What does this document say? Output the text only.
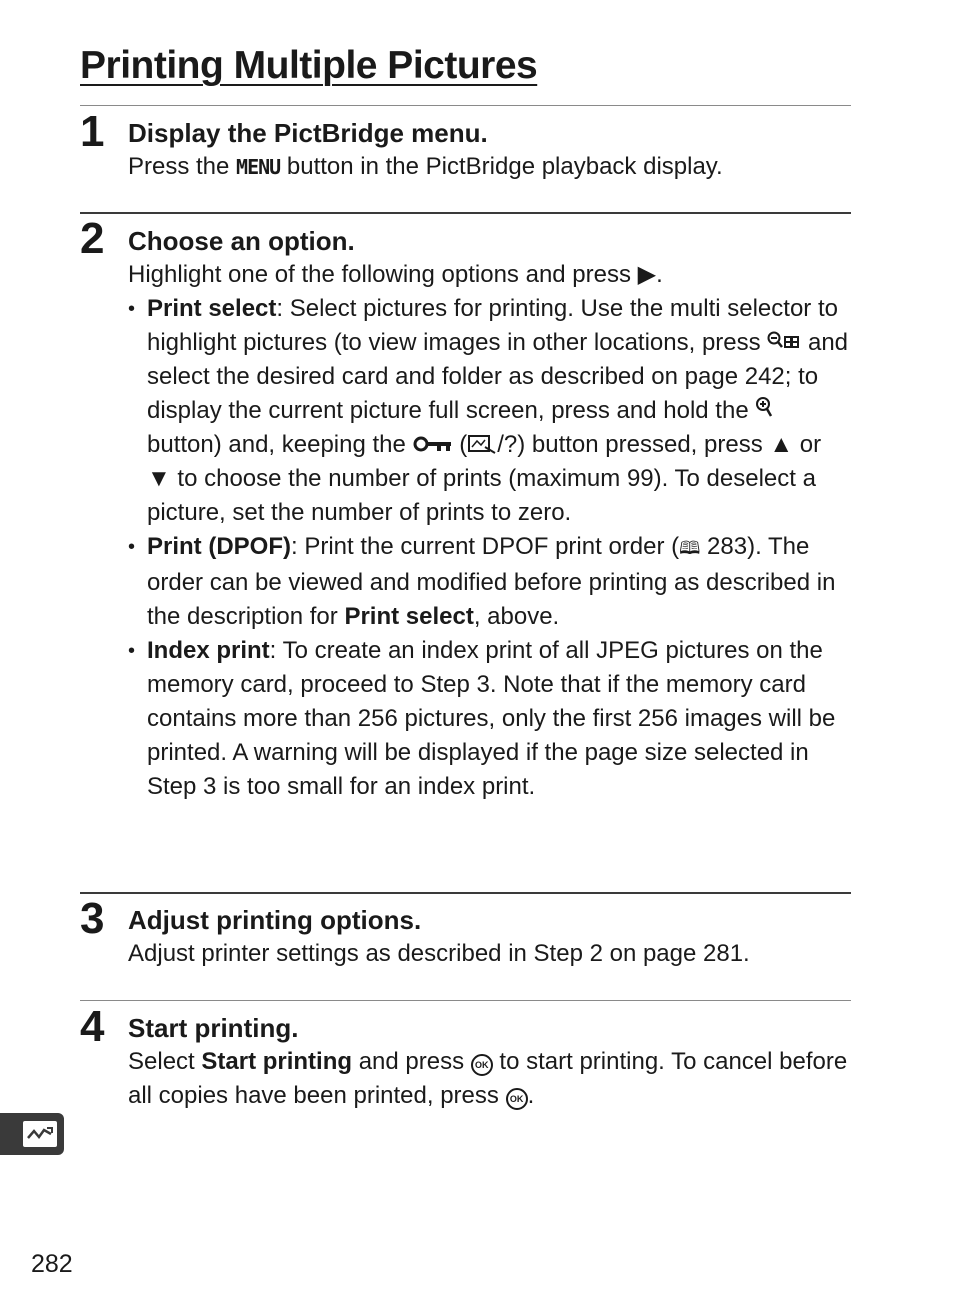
Printing Multiple Pictures
1 Display the PictBridge menu.
Press the MENU button in the PictBridge playback display.
2 Choose an option.
Highlight one of the following options and press ▶.
• Print select: Select pictures for printing. Use the multi selector to highlight pictures (to view images in other locations, press  and select the desired card and folder as described on page 242; to display the current picture full screen, press and hold the  button) and, keeping the  ( /?) button pressed, press ▲ or ▼ to choose the number of prints (maximum 99). To deselect a picture, set the number of prints to zero.
• Print (DPOF): Print the current DPOF print order (🕮 283). The order can be viewed and modified before printing as described in the description for Print select, above.
• Index print: To create an index print of all JPEG pictures on the memory card, proceed to Step 3. Note that if the memory card contains more than 256 pictures, only the first 256 images will be printed. A warning will be displayed if the page size selected in Step 3 is too small for an index print.
3 Adjust printing options.
Adjust printer settings as described in Step 2 on page 281.
4 Start printing.
Select Start printing and press OK to start printing. To cancel before all copies have been printed, press OK .

282
